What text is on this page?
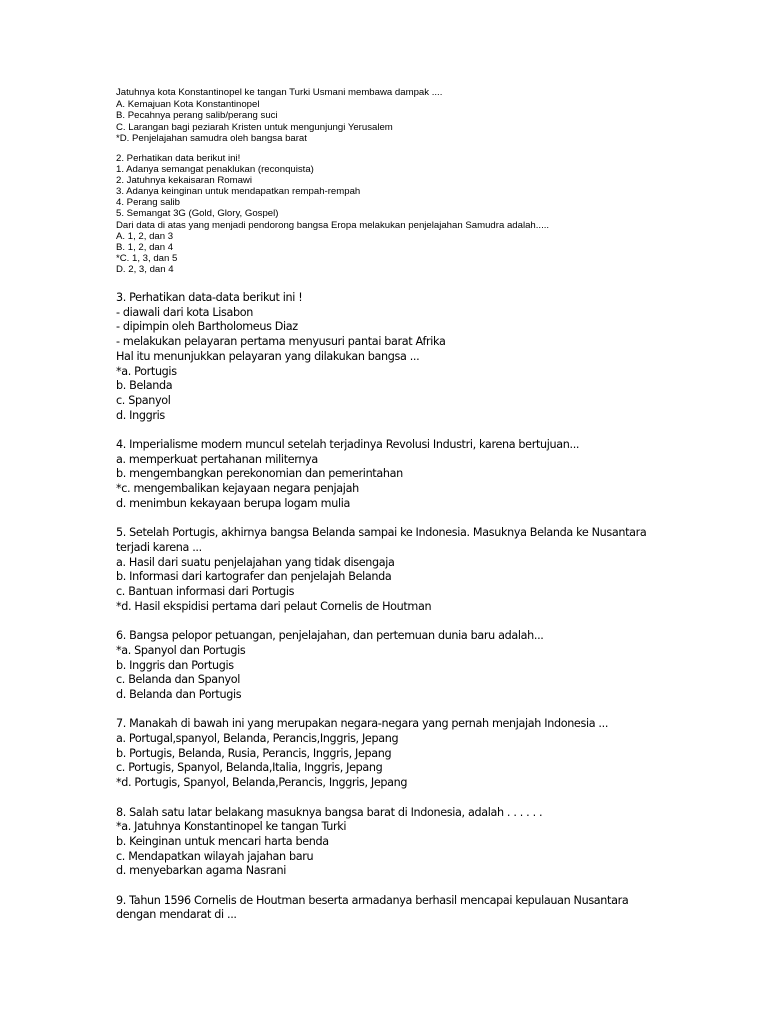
Jatuhnya kota Konstantinopel ke tangan Turki Usmani membawa dampak ....
A. Kemajuan Kota Konstantinopel
B. Pecahnya perang salib/perang suci
C. Larangan bagi peziarah Kristen untuk mengunjungi Yerusalem
*D. Penjelajahan samudra oleh bangsa barat
2. Perhatikan data berikut ini!
1. Adanya semangat penaklukan (reconquista)
2. Jatuhnya kekaisaran Romawi
3. Adanya keinginan untuk mendapatkan rempah-rempah
4. Perang salib
5. Semangat 3G (Gold, Glory, Gospel)
Dari data di atas yang menjadi pendorong bangsa Eropa melakukan penjelajahan Samudra adalah.....
A. 1, 2, dan 3
B. 1, 2, dan 4
*C. 1, 3, dan 5
D. 2, 3, dan 4
3. Perhatikan data-data berikut ini !
- diawali dari kota Lisabon
- dipimpin oleh Bartholomeus Diaz
- melakukan pelayaran pertama menyusuri pantai barat Afrika
Hal itu menunjukkan pelayaran yang dilakukan bangsa ...
*a. Portugis
b. Belanda
c. Spanyol
d. Inggris
4. Imperialisme modern muncul setelah terjadinya Revolusi Industri, karena bertujuan...
a. memperkuat pertahanan militernya
b. mengembangkan perekonomian dan pemerintahan
*c. mengembalikan kejayaan negara penjajah
d. menimbun kekayaan berupa logam mulia
5. Setelah Portugis, akhirnya bangsa Belanda sampai ke Indonesia. Masuknya Belanda ke Nusantara
terjadi karena ...
a. Hasil dari suatu penjelajahan yang tidak disengaja
b. Informasi dari kartografer dan penjelajah Belanda
c. Bantuan informasi dari Portugis
*d. Hasil ekspidisi pertama dari pelaut Cornelis de Houtman
6. Bangsa pelopor petuangan, penjelajahan, dan pertemuan dunia baru adalah...
*a. Spanyol dan Portugis
b. Inggris dan Portugis
c. Belanda dan Spanyol
d. Belanda dan Portugis
7. Manakah di bawah ini yang merupakan negara-negara yang pernah menjajah Indonesia ...
a. Portugal,spanyol, Belanda, Perancis,Inggris, Jepang
b. Portugis, Belanda, Rusia, Perancis, Inggris, Jepang
c. Portugis, Spanyol, Belanda,Italia, Inggris, Jepang
*d. Portugis, Spanyol, Belanda,Perancis, Inggris, Jepang
8. Salah satu latar belakang masuknya bangsa barat di Indonesia, adalah . . . . . .
*a. Jatuhnya Konstantinopel ke tangan Turki
b. Keinginan untuk mencari harta benda
c. Mendapatkan wilayah jajahan baru
d. menyebarkan agama Nasrani
9. Tahun 1596 Cornelis de Houtman beserta armadanya berhasil mencapai kepulauan Nusantara
dengan mendarat di ...
